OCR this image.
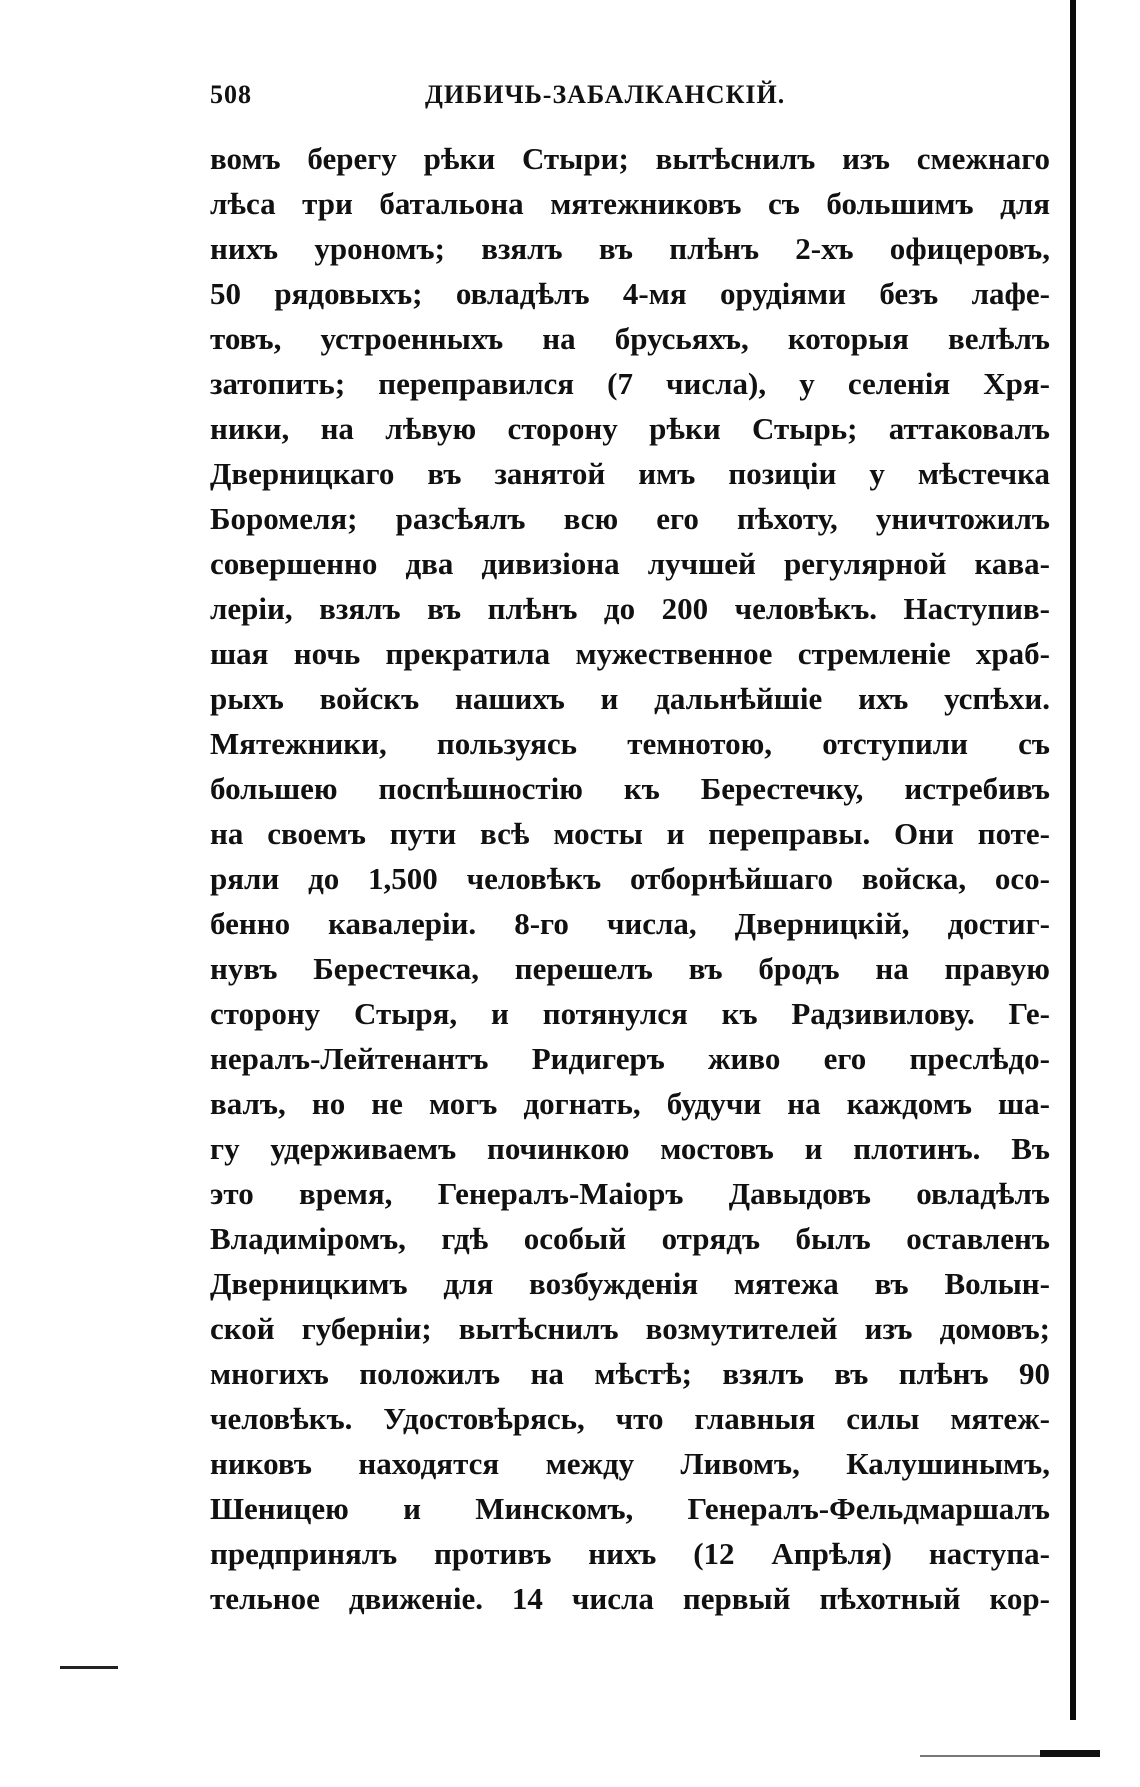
508	ДИБИЧЬ-ЗАБАЛКАНСКІЙ.
вомъ берегу рѣки Стыри; вытѣснилъ изъ смежнаго
лѣса три батальона мятежниковъ съ большимъ для
нихъ урономъ; взялъ въ плѣнъ 2-хъ офицеровъ,
50 рядовыхъ; овладѣлъ 4-мя орудіями безъ лафе-
товъ, устроенныхъ на брусьяхъ, которыя велѣлъ
затопить; переправился (7 числа), у селенія Хря-
ники, на лѣвую сторону рѣки Стырь; аттаковалъ
Дверницкаго въ занятой имъ позиціи у мѣстечка
Боромеля; разсѣялъ всю его пѣхоту, уничтожилъ
совершенно два дивизіона лучшей регулярной кава-
леріи, взялъ въ плѣнъ до 200 человѣкъ. Наступив-
шая ночь прекратила мужественное стремленіе храб-
рыхъ войскъ нашихъ и дальнѣйшіе ихъ успѣхи.
Мятежники, пользуясь темнотою, отступили съ
большею поспѣшностію къ Берестечку, истребивъ
на своемъ пути всѣ мосты и переправы. Они поте-
ряли до 1,500 человѣкъ отборнѣйшаго войска, осо-
бенно кавалеріи. 8-го числа, Дверницкій, достиг-
нувъ Берестечка, перешелъ въ бродъ на правую
сторону Стыря, и потянулся къ Радзивилову. Ге-
нералъ-Лейтенантъ Ридигеръ живо его преслѣдо-
валъ, но не могъ догнать, будучи на каждомъ ша-
гу удерживаемъ починкою мостовъ и плотинъ. Въ
это время, Генералъ-Маіоръ Давыдовъ овладѣлъ
Владиміромъ, гдѣ особый отрядъ былъ оставленъ
Дверницкимъ для возбужденія мятежа въ Волын-
ской губерніи; вытѣснилъ возмутителей изъ домовъ;
многихъ положилъ на мѣстѣ; взялъ въ плѣнъ 90
человѣкъ. Удостовѣрясь, что главныя силы мятеж-
никовъ находятся между Ливомъ, Калушинымъ,
Шеницею и Минскомъ, Генералъ-Фельдмаршалъ
предпринялъ противъ нихъ (12 Апрѣля) наступа-
тельное движеніе. 14 числа первый пѣхотный кор-
